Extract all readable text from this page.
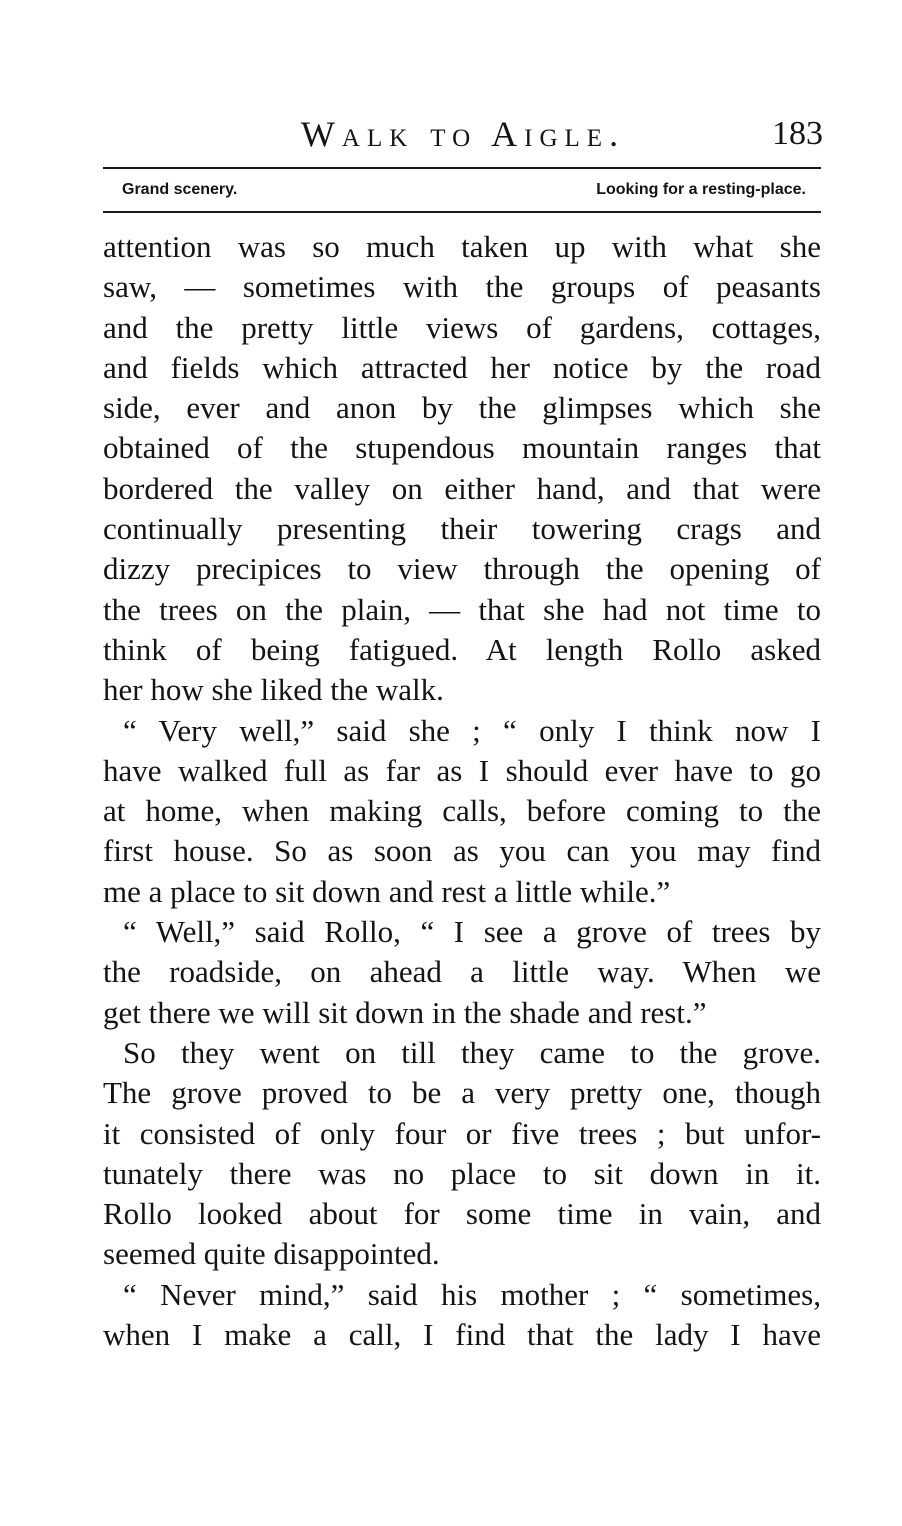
Walk to Aigle.	183
Grand scenery.	Looking for a resting-place.
attention was so much taken up with what she
saw, — sometimes with the groups of peasants
and the pretty little views of gardens, cottages,
and fields which attracted her notice by the road
side, ever and anon by the glimpses which she
obtained of the stupendous mountain ranges that
bordered the valley on either hand, and that were
continually presenting their towering crags and
dizzy precipices to view through the opening of
the trees on the plain, — that she had not time to
think of being fatigued. At length Rollo asked
her how she liked the walk.
“ Very well,” said she ; “ only I think now I
have walked full as far as I should ever have to go
at home, when making calls, before coming to the
first house. So as soon as you can you may find
me a place to sit down and rest a little while.”
“ Well,” said Rollo, “ I see a grove of trees by
the roadside, on ahead a little way. When we
get there we will sit down in the shade and rest.”
So they went on till they came to the grove.
The grove proved to be a very pretty one, though
it consisted of only four or five trees ; but unfor-
tunately there was no place to sit down in it.
Rollo looked about for some time in vain, and
seemed quite disappointed.
“ Never mind,” said his mother ; “ sometimes,
when I make a call, I find that the lady I have
